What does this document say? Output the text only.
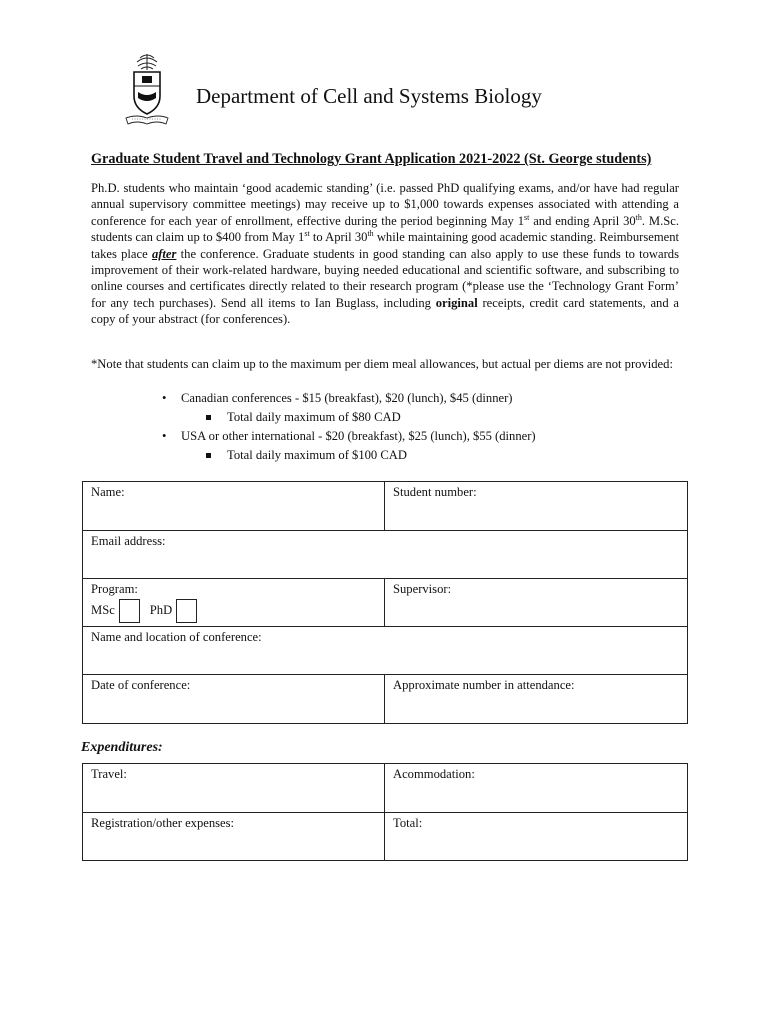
Department of Cell and Systems Biology
Graduate Student Travel and Technology Grant Application 2021-2022 (St. George students)
Ph.D. students who maintain ‘good academic standing’ (i.e. passed PhD qualifying exams, and/or have had regular annual supervisory committee meetings) may receive up to $1,000 towards expenses associated with attending a conference for each year of enrollment, effective during the period beginning May 1st and ending April 30th. M.Sc. students can claim up to $400 from May 1st to April 30th while maintaining good academic standing. Reimbursement takes place after the conference. Graduate students in good standing can also apply to use these funds to towards improvement of their work-related hardware, buying needed educational and scientific software, and subscribing to online courses and certificates directly related to their research program (*please use the ‘Technology Grant Form’ for any tech purchases). Send all items to Ian Buglass, including original receipts, credit card statements, and a copy of your abstract (for conferences).
*Note that students can claim up to the maximum per diem meal allowances, but actual per diems are not provided:
• Canadian conferences - $15 (breakfast), $20 (lunch), $45 (dinner)
Total daily maximum of $80 CAD
• USA or other international - $20 (breakfast), $25 (lunch), $55 (dinner)
Total daily maximum of $100 CAD
Name:	Student number:
Email address:	

Program:
MSc PhD	Supervisor:
Name and location of conference:	
Date of conference:	Approximate number in attendance:
Expenditures:
Travel:	Acommodation:
Registration/other expenses:	Total:
